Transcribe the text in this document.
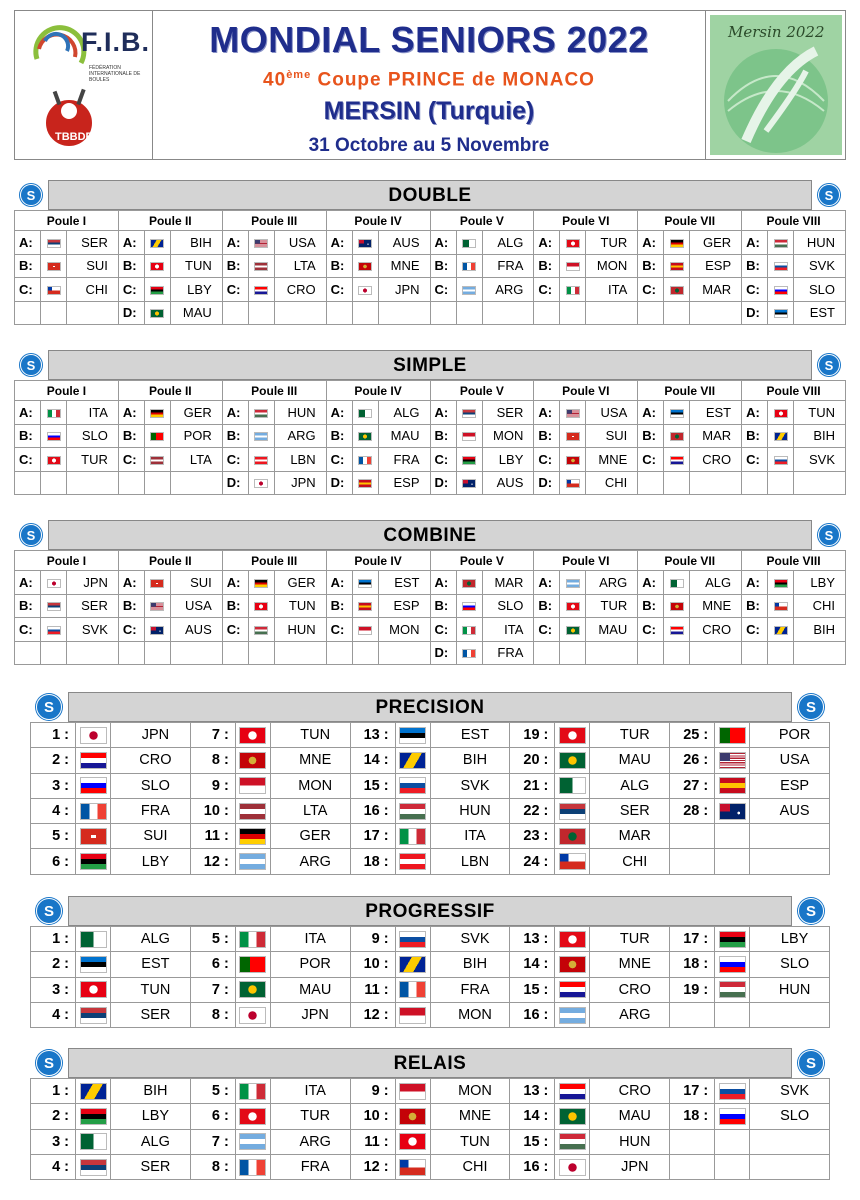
F.I.B.
FÉDÉRATION INTERNATIONALE DE BOULES
TBBDF
MONDIAL SENIORS 2022
40ème Coupe PRINCE de MONACO
MERSIN (Turquie)
31 Octobre au 5 Novembre
Mersin 2022
S	DOUBLE	S
Poule I			Poule II			Poule III			Poule IV			Poule V			Poule VI			Poule VII			Poule VIII		
A:		SER	A:		BIH	A:		USA	A:		AUS	A:		ALG	A:		TUR	A:		GER	A:		HUN
B:		SUI	B:		TUN	B:		LTA	B:		MNE	B:		FRA	B:		MON	B:		ESP	B:		SVK
C:		CHI	C:		LBY	C:		CRO	C:		JPN	C:		ARG	C:		ITA	C:		MAR	C:		SLO
			D:		MAU																D:		EST
S	SIMPLE	S
Poule I			Poule II			Poule III			Poule IV			Poule V			Poule VI			Poule VII			Poule VIII		
A:		ITA	A:		GER	A:		HUN	A:		ALG	A:		SER	A:		USA	A:		EST	A:		TUN
B:		SLO	B:		POR	B:		ARG	B:		MAU	B:		MON	B:		SUI	B:		MAR	B:		BIH
C:		TUR	C:		LTA	C:		LBN	C:		FRA	C:		LBY	C:		MNE	C:		CRO	C:		SVK
						D:		JPN	D:		ESP	D:		AUS	D:		CHI						
S	COMBINE	S
Poule I			Poule II			Poule III			Poule IV			Poule V			Poule VI			Poule VII			Poule VIII		
A:		JPN	A:		SUI	A:		GER	A:		EST	A:		MAR	A:		ARG	A:		ALG	A:		LBY
B:		SER	B:		USA	B:		TUN	B:		ESP	B:		SLO	B:		TUR	B:		MNE	B:		CHI
C:		SVK	C:		AUS	C:		HUN	C:		MON	C:		ITA	C:		MAU	C:		CRO	C:		BIH
												D:		FRA									
S	PRECISION	S
1 :		JPN	7 :		TUN	13 :		EST	19 :		TUR	25 :		POR
2 :		CRO	8 :		MNE	14 :		BIH	20 :		MAU	26 :		USA
3 :		SLO	9 :		MON	15 :		SVK	21 :		ALG	27 :		ESP
4 :		FRA	10 :		LTA	16 :		HUN	22 :		SER	28 :		AUS
5 :		SUI	11 :		GER	17 :		ITA	23 :		MAR			
6 :		LBY	12 :		ARG	18 :		LBN	24 :		CHI			
S	PROGRESSIF	S
1 :		ALG	5 :		ITA	9 :		SVK	13 :		TUR	17 :		LBY
2 :		EST	6 :		POR	10 :		BIH	14 :		MNE	18 :		SLO
3 :		TUN	7 :		MAU	11 :		FRA	15 :		CRO	19 :		HUN
4 :		SER	8 :		JPN	12 :		MON	16 :		ARG			
S	RELAIS	S
1 :		BIH	5 :		ITA	9 :		MON	13 :		CRO	17 :		SVK
2 :		LBY	6 :		TUR	10 :		MNE	14 :		MAU	18 :		SLO
3 :		ALG	7 :		ARG	11 :		TUN	15 :		HUN			
4 :		SER	8 :		FRA	12 :		CHI	16 :		JPN			
